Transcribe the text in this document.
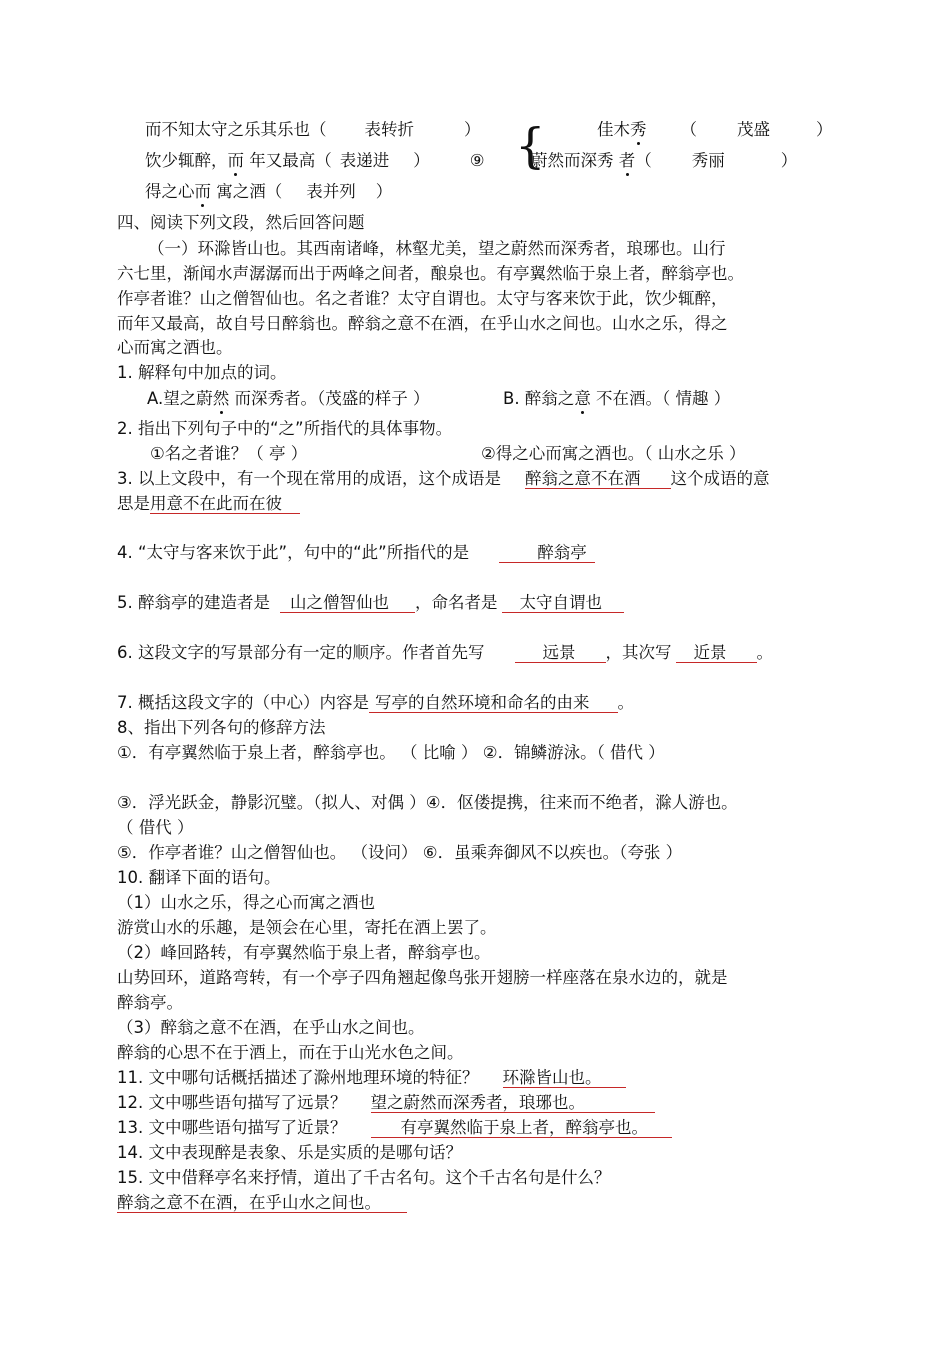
而不知太守之乐其乐也（ 表转折	）	佳木秀 （ 茂盛	）
{
饮少辄醉，而 年又最高（ 表递进 ） ⑨	蔚然而深秀 者（ 秀丽	）
得之心而 寓之酒（ 表并列 ）
四、阅读下列文段，然后回答问题
（一）环滁皆山也。其西南诸峰，林壑尤美，望之蔚然而深秀者，琅琊也。山行
六七里，渐闻水声潺潺而出于两峰之间者，酿泉也。有亭翼然临于泉上者，醉翁亭也。
作亭者谁？山之僧智仙也。名之者谁？太守自谓也。太守与客来饮于此，饮少辄醉，
而年又最高，故自号日醉翁也。醉翁之意不在酒，在乎山水之间也。山水之乐，得之
心而寓之酒也。
1. 解释句中加点的词。
A.望之蔚然 而深秀者。（茂盛的样子 ）	B. 醉翁之意 不在酒。（ 情趣 ）
2. 指出下列句子中的“之”所指代的具体事物。
①名之者谁？（ 亭 ）	②得之心而寓之酒也。（ 山水之乐 ）
3. 以上文段中，有一个现在常用的成语，这个成语是 醉翁之意不在酒 这个成语的意
思是用意不在此而在彼
4. “太守与客来饮于此”，句中的“此”所指代的是	醉翁亭
5. 醉翁亭的建造者是 山之僧智仙也 ，命名者是 太守自谓也
6. 这段文字的写景部分有一定的顺序。作者首先写	远景 ，其次写 近景 。
7. 概括这段文字的（中心）内容是 写亭的自然环境和命名的由来 。
8、指出下列各句的修辞方法
①．有亭翼然临于泉上者，醉翁亭也。 （ 比喻 ） ②．锦鳞游泳。（ 借代 ）
③．浮光跃金，静影沉璧。（拟人、对偶 ）④．伛偻提携，往来而不绝者，滁人游也。
（ 借代 ）
⑤．作亭者谁？山之僧智仙也。 （设问） ⑥．虽乘奔御风不以疾也。（夸张 ）
10. 翻译下面的语句。
（1）山水之乐，得之心而寓之酒也
游赏山水的乐趣，是领会在心里，寄托在酒上罢了。
（2）峰回路转，有亭翼然临于泉上者，醉翁亭也。
山势回环，道路弯转，有一个亭子四角翘起像鸟张开翅膀一样座落在泉水边的，就是
醉翁亭。
（3）醉翁之意不在酒，在乎山水之间也。
醉翁的心思不在于酒上，而在于山光水色之间。
11. 文中哪句话概括描述了滁州地理环境的特征？ 环滁皆山也。
12. 文中哪些语句描写了远景？ 望之蔚然而深秀者，琅琊也。
13. 文中哪些语句描写了近景？	有亭翼然临于泉上者，醉翁亭也。
14. 文中表现醉是表象、乐是实质的是哪句话？
15. 文中借释亭名来抒情，道出了千古名句。这个千古名句是什么？
醉翁之意不在酒，在乎山水之间也。
